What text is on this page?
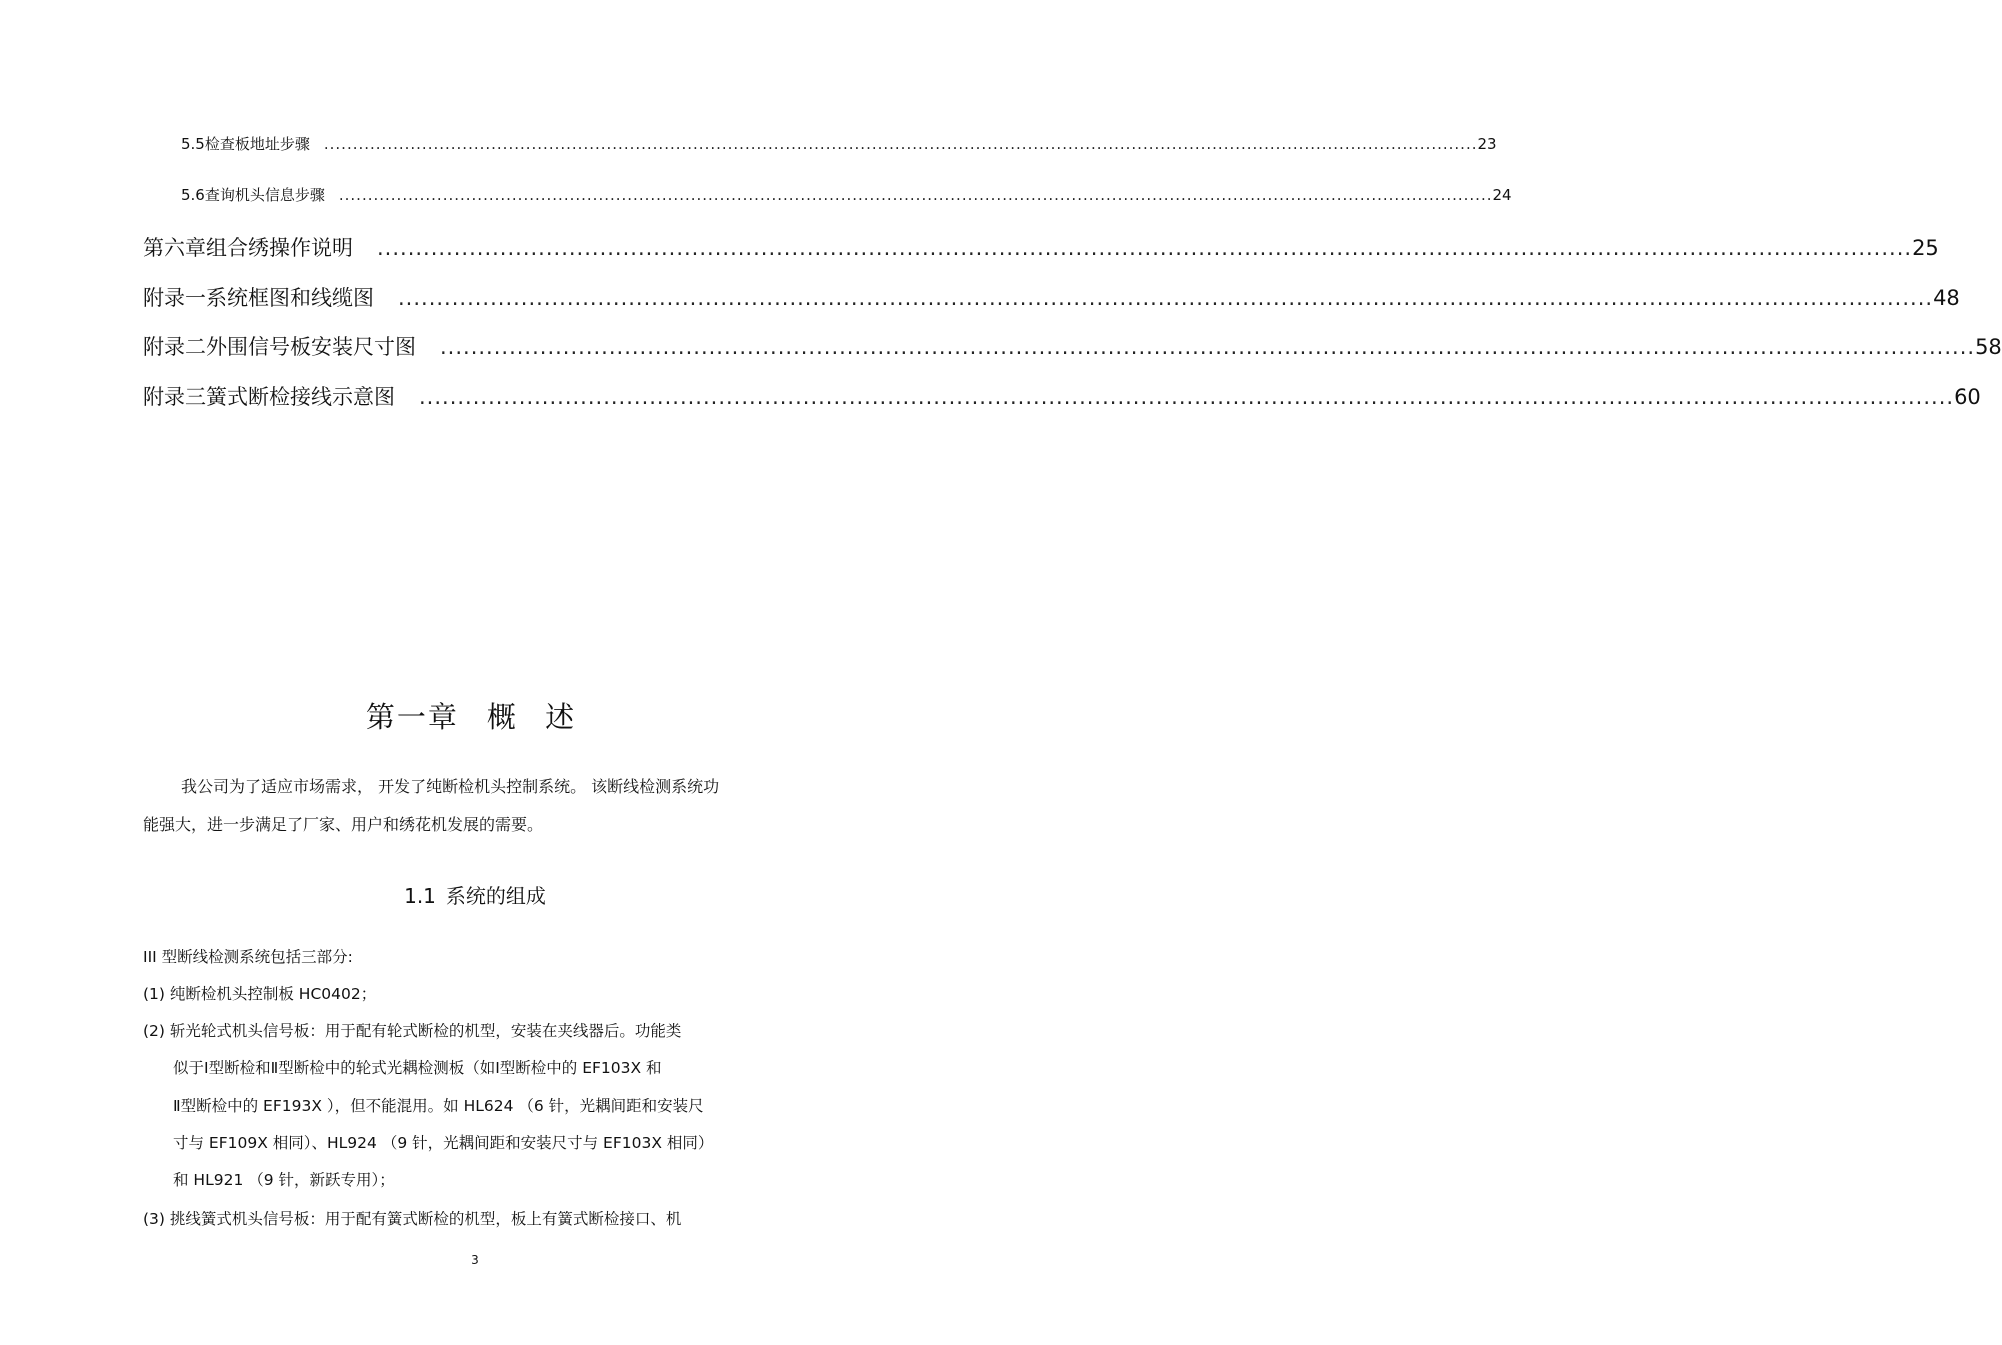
5.5 检查板地址步骤 ........................................................................................................................................................................................................ 23
5.6 查询机头信息步骤 ........................................................................................................................................................................................................ 24
第六章 组合绣操作说明 ........................................................................................................................................................................................................ 25
附录一 系统框图和线缆图 ........................................................................................................................................................................................................ 48
附录二 外围信号板安装尺寸图 ........................................................................................................................................................................................................ 58
附录三 簧式断检接线示意图 ........................................................................................................................................................................................................ 60
第一章 概 述
我公司为了适应市场需求， 开发了纯断检机头控制系统。 该断线检测系统功
能强大，进一步满足了厂家、用户和绣花机发展的需要。
1.1 系统的组成
III 型断线检测系统包括三部分:
(1) 纯断检机头控制板 HC0402；
(2) 斩光轮式机头信号板：用于配有轮式断检的机型，安装在夹线器后。功能类
似于Ⅰ型断检和Ⅱ型断检中的轮式光耦检测板（如Ⅰ型断检中的 EF103X 和
Ⅱ型断检中的 EF193X ），但不能混用。如 HL624 （6 针，光耦间距和安装尺
寸与 EF109X 相同）、HL924 （9 针，光耦间距和安装尺寸与 EF103X 相同）
和 HL921 （9 针，新跃专用）；
(3) 挑线簧式机头信号板：用于配有簧式断检的机型，板上有簧式断检接口、机
3
